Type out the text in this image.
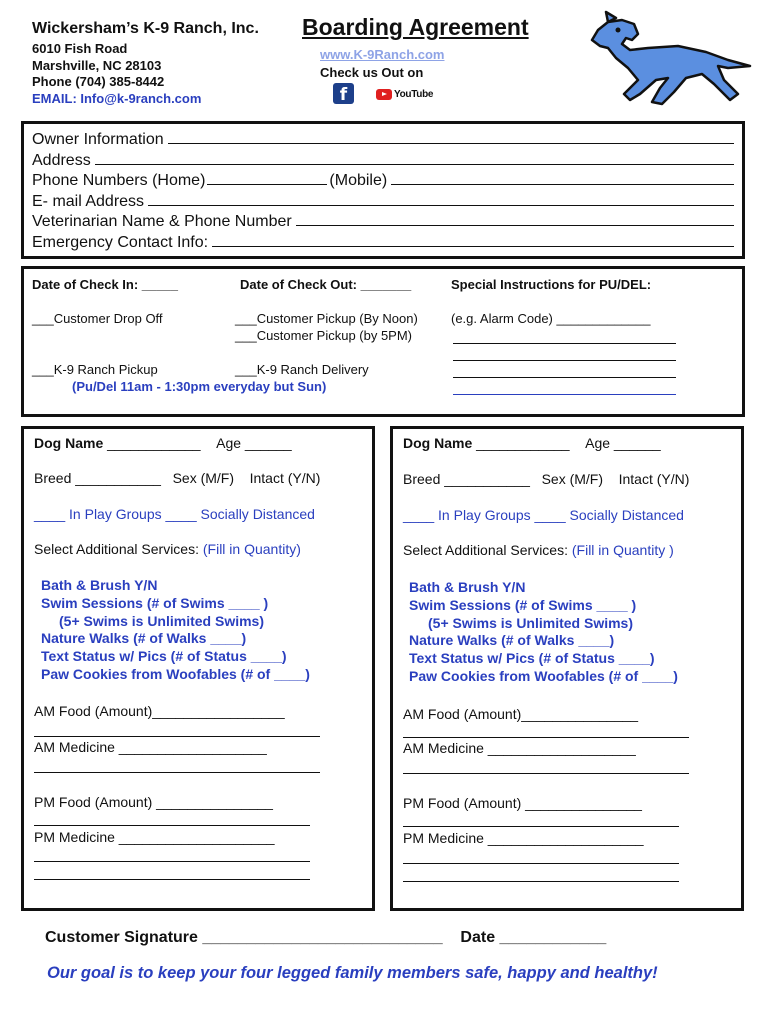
Wickersham’s K-9 Ranch, Inc.
6010 Fish Road
Marshville, NC 28103
Phone (704) 385-8442
EMAIL: Info@k-9ranch.com
Boarding Agreement
www.K-9Ranch.com
Check us Out on
f	YouTube
Owner Information
Address
Phone Numbers (Home)	(Mobile)
E- mail Address
Veterinarian Name & Phone Number
Emergency Contact Info:
Date of Check In: _____	Date of Check Out: _______	Special Instructions for PU/DEL:
___Customer Drop Off	___Customer Pickup (By Noon)
___Customer Pickup (by 5PM)
(e.g. Alarm Code) _____________
___K-9 Ranch Pickup	___K-9 Ranch Delivery
(Pu/Del 11am - 1:30pm everyday but Sun)
Dog Name ____________ Age ______
Breed ___________ Sex (M/F) Intact (Y/N)
____ In Play Groups ____ Socially Distanced
Select Additional Services: (Fill in Quantity)
Bath & Brush Y/N
Swim Sessions (# of Swims ____ )
(5+ Swims is Unlimited Swims)
Nature Walks (# of Walks ____)
Text Status w/ Pics (# of Status ____)
Paw Cookies from Woofables (# of ____)
AM Food (Amount)_________________
AM Medicine ___________________
PM Food (Amount) _______________
PM Medicine ____________________
Dog Name ____________ Age ______
Breed ___________ Sex (M/F) Intact (Y/N)
____ In Play Groups ____ Socially Distanced
Select Additional Services: (Fill in Quantity )
Bath & Brush Y/N
Swim Sessions (# of Swims ____ )
(5+ Swims is Unlimited Swims)
Nature Walks (# of Walks ____)
Text Status w/ Pics (# of Status ____)
Paw Cookies from Woofables (# of ____)
AM Food (Amount)_______________
AM Medicine ___________________
PM Food (Amount) _______________
PM Medicine ____________________
Customer Signature ___________________________ Date ____________
Our goal is to keep your four legged family members safe, happy and healthy!
